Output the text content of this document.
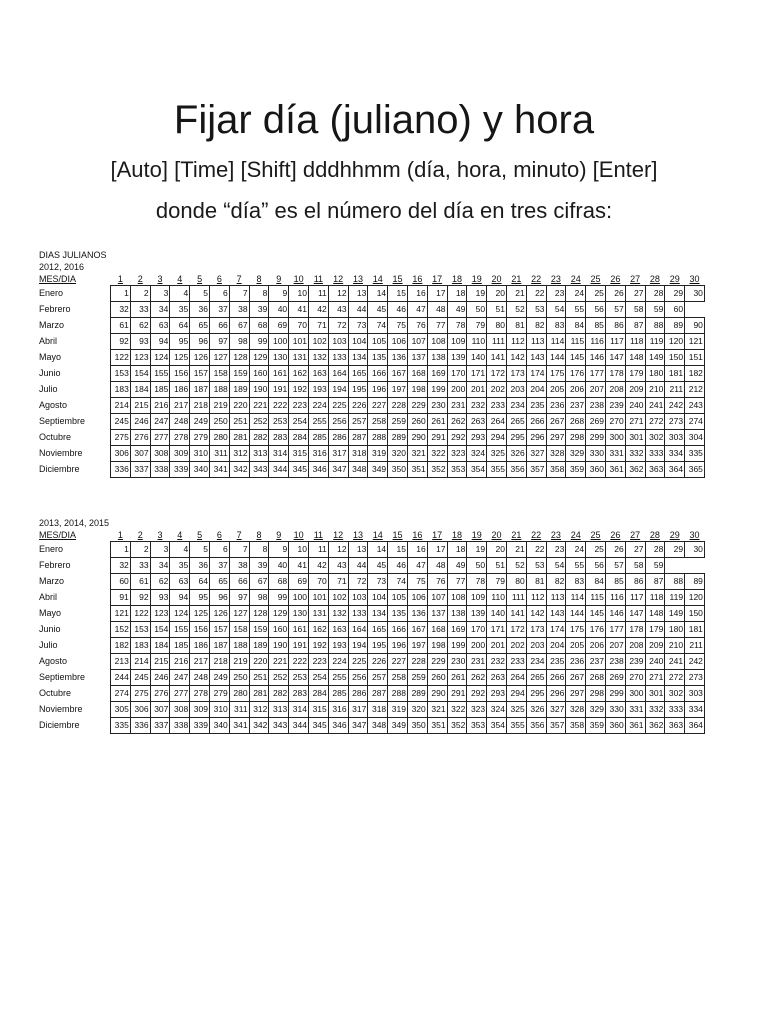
Fijar día (juliano) y hora
[Auto] [Time] [Shift] dddhhmm (día, hora, minuto) [Enter]
donde “día” es el número del día en tres cifras:
DIAS JULIANOS
2012, 2016
MES/DIA	1	2	3	4	5	6	7	8	9	10	11	12	13	14	15	16	17	18	19	20	21	22	23	24	25	26	27	28	29	30
Enero	1	2	3	4	5	6	7	8	9	10	11	12	13	14	15	16	17	18	19	20	21	22	23	24	25	26	27	28	29	30
Febrero	32	33	34	35	36	37	38	39	40	41	42	43	44	45	46	47	48	49	50	51	52	53	54	55	56	57	58	59	60	
Marzo	61	62	63	64	65	66	67	68	69	70	71	72	73	74	75	76	77	78	79	80	81	82	83	84	85	86	87	88	89	90
Abril	92	93	94	95	96	97	98	99	100	101	102	103	104	105	106	107	108	109	110	111	112	113	114	115	116	117	118	119	120	121
Mayo	122	123	124	125	126	127	128	129	130	131	132	133	134	135	136	137	138	139	140	141	142	143	144	145	146	147	148	149	150	151
Junio	153	154	155	156	157	158	159	160	161	162	163	164	165	166	167	168	169	170	171	172	173	174	175	176	177	178	179	180	181	182
Julio	183	184	185	186	187	188	189	190	191	192	193	194	195	196	197	198	199	200	201	202	203	204	205	206	207	208	209	210	211	212
Agosto	214	215	216	217	218	219	220	221	222	223	224	225	226	227	228	229	230	231	232	233	234	235	236	237	238	239	240	241	242	243
Septiembre	245	246	247	248	249	250	251	252	253	254	255	256	257	258	259	260	261	262	263	264	265	266	267	268	269	270	271	272	273	274
Octubre	275	276	277	278	279	280	281	282	283	284	285	286	287	288	289	290	291	292	293	294	295	296	297	298	299	300	301	302	303	304
Noviembre	306	307	308	309	310	311	312	313	314	315	316	317	318	319	320	321	322	323	324	325	326	327	328	329	330	331	332	333	334	335
Diciembre	336	337	338	339	340	341	342	343	344	345	346	347	348	349	350	351	352	353	354	355	356	357	358	359	360	361	362	363	364	365
2013, 2014, 2015
MES/DIA	1	2	3	4	5	6	7	8	9	10	11	12	13	14	15	16	17	18	19	20	21	22	23	24	25	26	27	28	29	30
Enero	1	2	3	4	5	6	7	8	9	10	11	12	13	14	15	16	17	18	19	20	21	22	23	24	25	26	27	28	29	30
Febrero	32	33	34	35	36	37	38	39	40	41	42	43	44	45	46	47	48	49	50	51	52	53	54	55	56	57	58	59		
Marzo	60	61	62	63	64	65	66	67	68	69	70	71	72	73	74	75	76	77	78	79	80	81	82	83	84	85	86	87	88	89
Abril	91	92	93	94	95	96	97	98	99	100	101	102	103	104	105	106	107	108	109	110	111	112	113	114	115	116	117	118	119	120
Mayo	121	122	123	124	125	126	127	128	129	130	131	132	133	134	135	136	137	138	139	140	141	142	143	144	145	146	147	148	149	150
Junio	152	153	154	155	156	157	158	159	160	161	162	163	164	165	166	167	168	169	170	171	172	173	174	175	176	177	178	179	180	181
Julio	182	183	184	185	186	187	188	189	190	191	192	193	194	195	196	197	198	199	200	201	202	203	204	205	206	207	208	209	210	211
Agosto	213	214	215	216	217	218	219	220	221	222	223	224	225	226	227	228	229	230	231	232	233	234	235	236	237	238	239	240	241	242
Septiembre	244	245	246	247	248	249	250	251	252	253	254	255	256	257	258	259	260	261	262	263	264	265	266	267	268	269	270	271	272	273
Octubre	274	275	276	277	278	279	280	281	282	283	284	285	286	287	288	289	290	291	292	293	294	295	296	297	298	299	300	301	302	303
Noviembre	305	306	307	308	309	310	311	312	313	314	315	316	317	318	319	320	321	322	323	324	325	326	327	328	329	330	331	332	333	334
Diciembre	335	336	337	338	339	340	341	342	343	344	345	346	347	348	349	350	351	352	353	354	355	356	357	358	359	360	361	362	363	364
